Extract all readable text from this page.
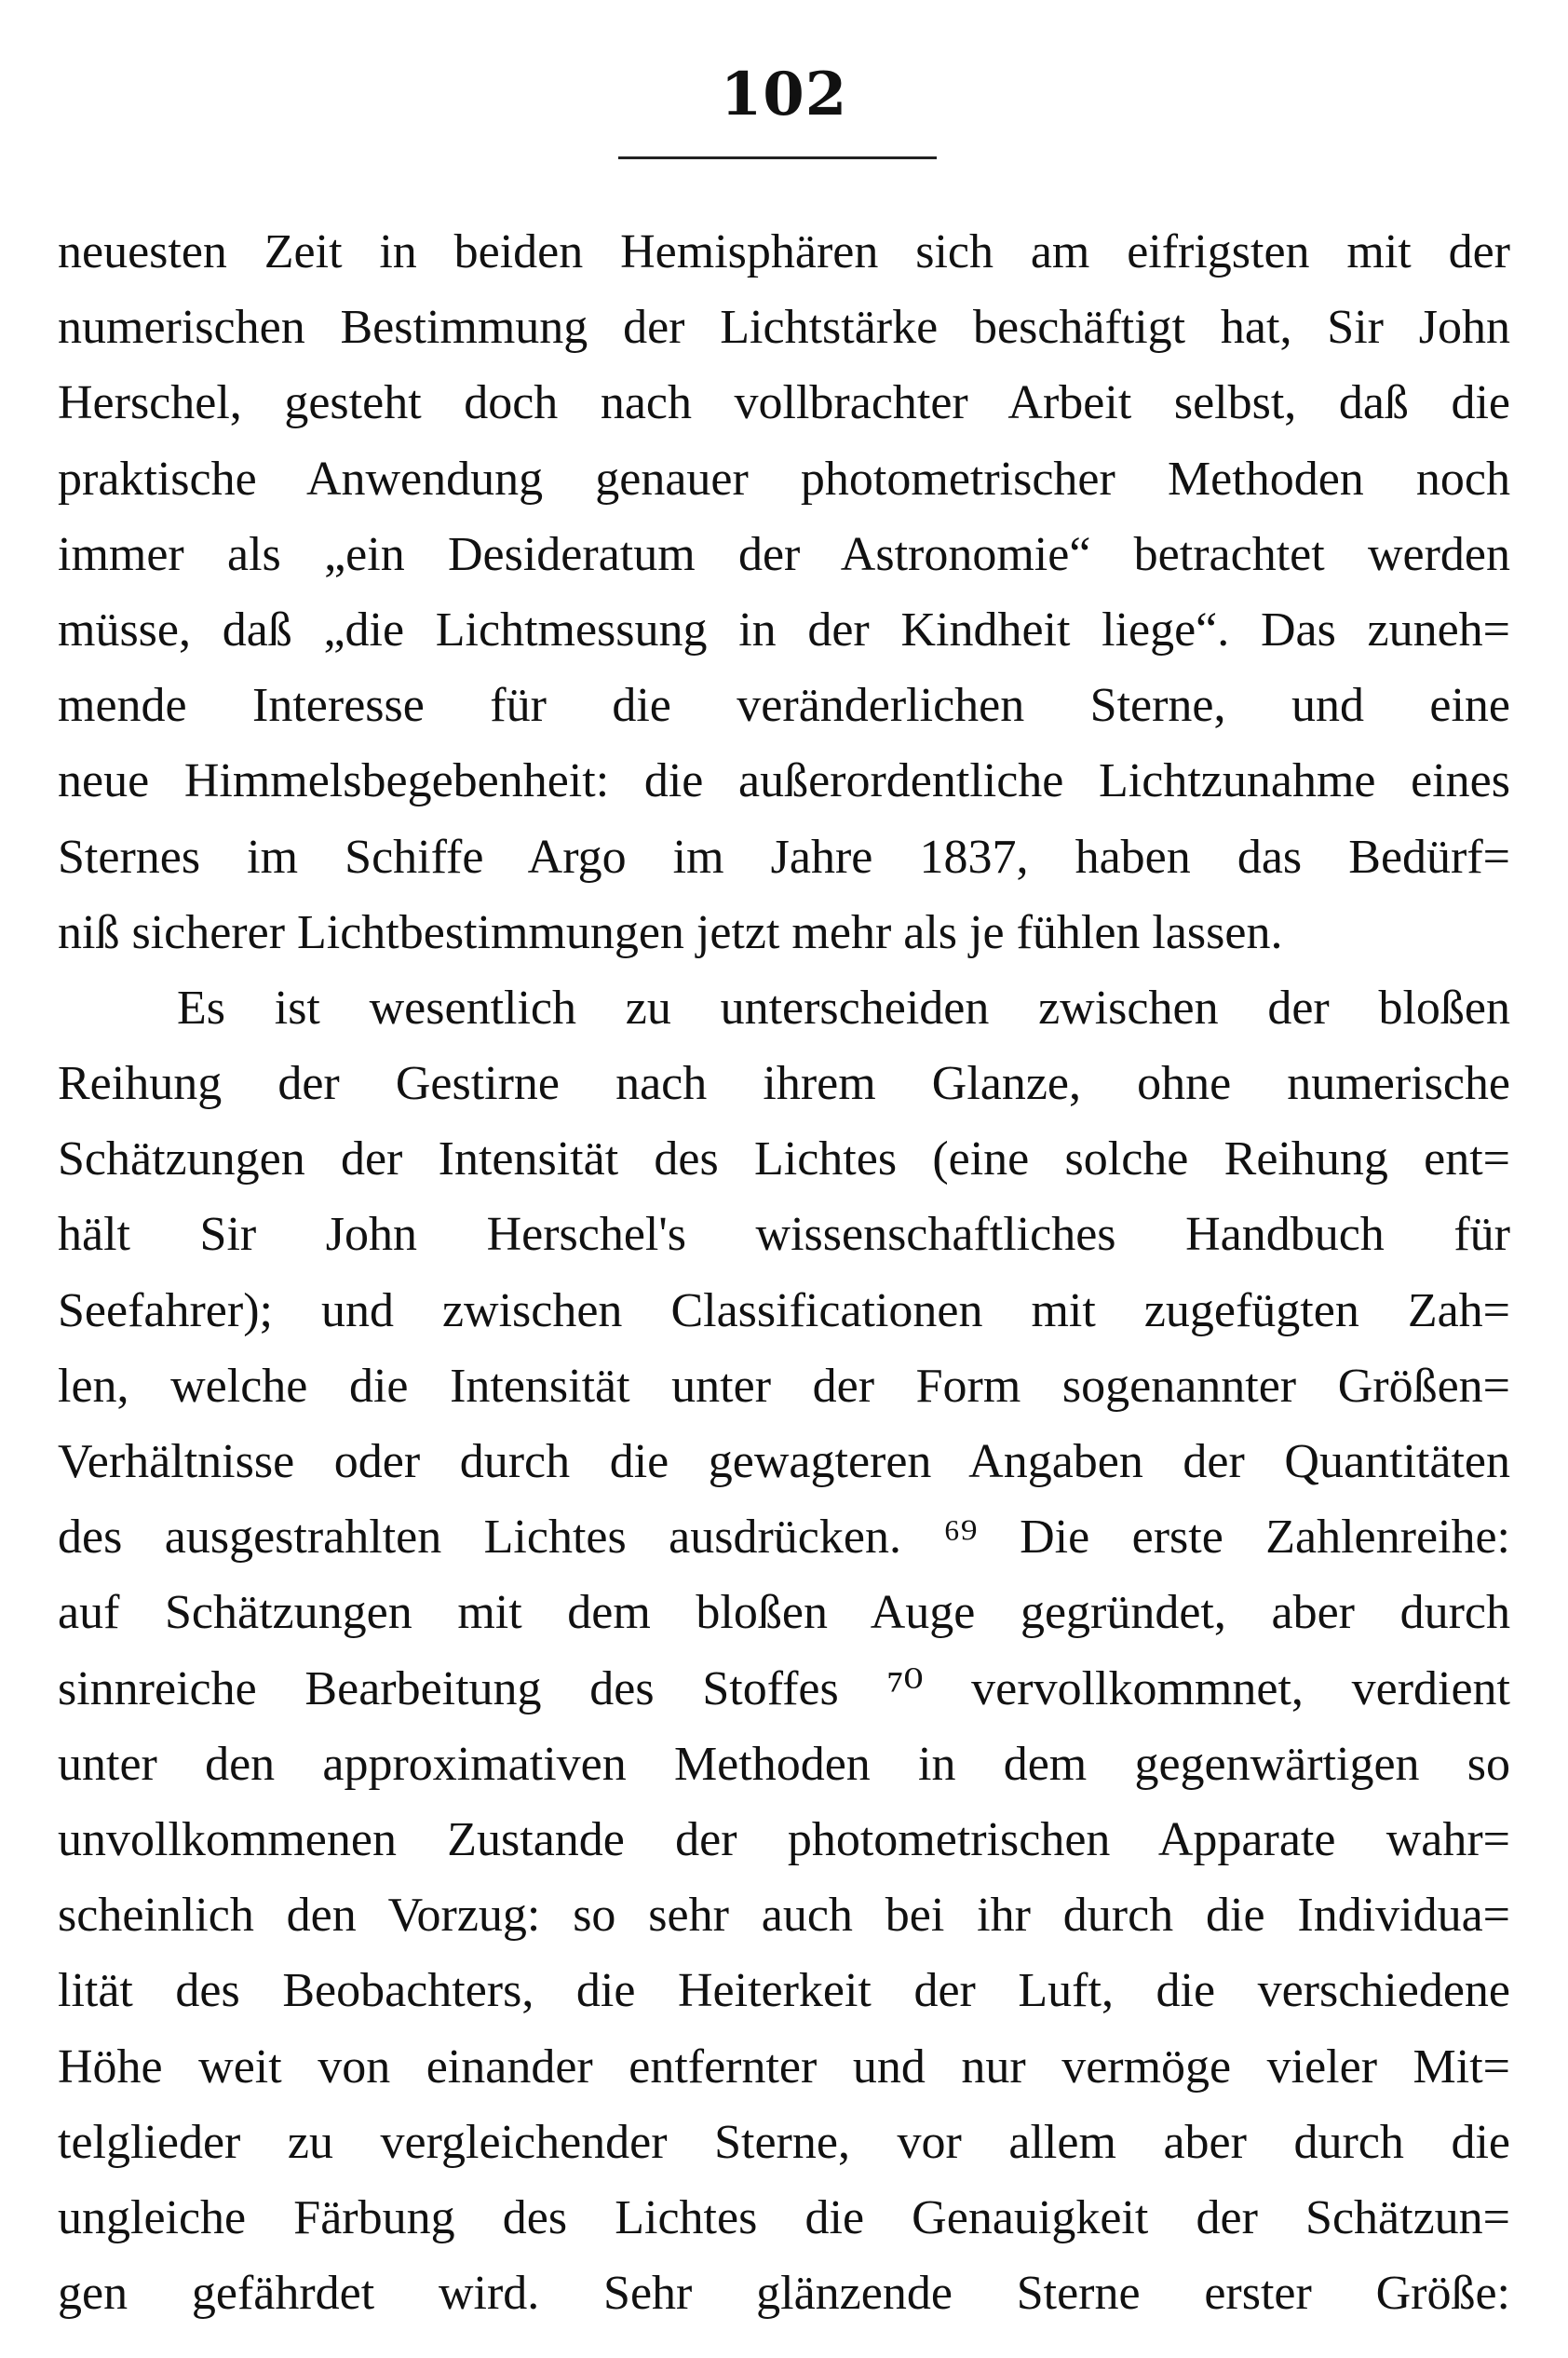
102
neuesten Zeit in beiden Hemisphären sich am eifrigsten mit der
numerischen Bestimmung der Lichtstärke beschäftigt hat, Sir John
Herschel, gesteht doch nach vollbrachter Arbeit selbst, daß die
praktische Anwendung genauer photometrischer Methoden noch
immer als „ein Desideratum der Astronomie“ betrachtet werden
müsse, daß „die Lichtmessung in der Kindheit liege“. Das zuneh=
mende Interesse für die veränderlichen Sterne, und eine
neue Himmelsbegebenheit: die außerordentliche Lichtzunahme eines
Sternes im Schiffe Argo im Jahre 1837, haben das Bedürf=
niß sicherer Lichtbestimmungen jetzt mehr als je fühlen lassen.
Es ist wesentlich zu unterscheiden zwischen der bloßen
Reihung der Gestirne nach ihrem Glanze, ohne numerische
Schätzungen der Intensität des Lichtes (eine solche Reihung ent=
hält Sir John Herschel's wissenschaftliches Handbuch für
Seefahrer); und zwischen Classificationen mit zugefügten Zah=
len, welche die Intensität unter der Form sogenannter Größen=
Verhältnisse oder durch die gewagteren Angaben der Quantitäten
des ausgestrahlten Lichtes ausdrücken. ⁶⁹ Die erste Zahlenreihe:
auf Schätzungen mit dem bloßen Auge gegründet, aber durch
sinnreiche Bearbeitung des Stoffes ⁷⁰ vervollkommnet, verdient
unter den approximativen Methoden in dem gegenwärtigen so
unvollkommenen Zustande der photometrischen Apparate wahr=
scheinlich den Vorzug: so sehr auch bei ihr durch die Individua=
lität des Beobachters, die Heiterkeit der Luft, die verschiedene
Höhe weit von einander entfernter und nur vermöge vieler Mit=
telglieder zu vergleichender Sterne, vor allem aber durch die
ungleiche Färbung des Lichtes die Genauigkeit der Schätzun=
gen gefährdet wird. Sehr glänzende Sterne erster Größe:
